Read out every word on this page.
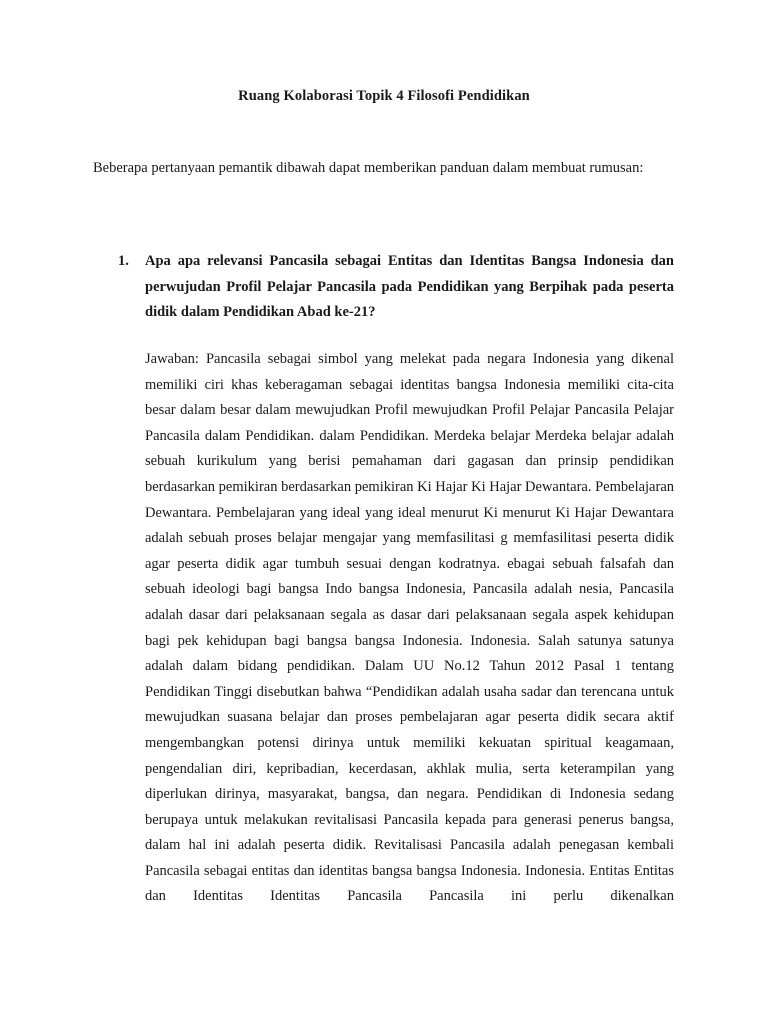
Ruang Kolaborasi Topik 4 Filosofi Pendidikan
Beberapa pertanyaan pemantik dibawah dapat memberikan panduan dalam membuat rumusan:
1. Apa apa relevansi Pancasila sebagai Entitas dan Identitas Bangsa Indonesia dan perwujudan Profil Pelajar Pancasila pada Pendidikan yang Berpihak pada peserta didik dalam Pendidikan Abad ke-21?
Jawaban: Pancasila sebagai simbol yang melekat pada negara Indonesia yang dikenal memiliki ciri khas keberagaman sebagai identitas bangsa Indonesia memiliki cita-cita besar dalam besar dalam mewujudkan Profil mewujudkan Profil Pelajar Pancasila Pelajar Pancasila dalam Pendidikan. dalam Pendidikan. Merdeka belajar Merdeka belajar adalah sebuah kurikulum yang berisi pemahaman dari gagasan dan prinsip pendidikan berdasarkan pemikiran berdasarkan pemikiran Ki Hajar Ki Hajar Dewantara. Pembelajaran Dewantara. Pembelajaran yang ideal yang ideal menurut Ki menurut Ki Hajar Dewantara adalah sebuah proses belajar mengajar yang memfasilitasi g memfasilitasi peserta didik agar peserta didik agar tumbuh sesuai dengan kodratnya. ebagai sebuah falsafah dan sebuah ideologi bagi bangsa Indo bangsa Indonesia, Pancasila adalah nesia, Pancasila adalah dasar dari pelaksanaan segala as dasar dari pelaksanaan segala aspek kehidupan bagi pek kehidupan bagi bangsa bangsa Indonesia. Indonesia. Salah satunya satunya adalah dalam bidang pendidikan. Dalam UU No.12 Tahun 2012 Pasal 1 tentang Pendidikan Tinggi disebutkan bahwa “Pendidikan adalah usaha sadar dan terencana untuk mewujudkan suasana belajar dan proses pembelajaran agar peserta didik secara aktif mengembangkan potensi dirinya untuk memiliki kekuatan spiritual keagamaan, pengendalian diri, kepribadian, kecerdasan, akhlak mulia, serta keterampilan yang diperlukan dirinya, masyarakat, bangsa, dan negara. Pendidikan di Indonesia sedang berupaya untuk melakukan revitalisasi Pancasila kepada para generasi penerus bangsa, dalam hal ini adalah peserta didik. Revitalisasi Pancasila adalah penegasan kembali Pancasila sebagai entitas dan identitas bangsa bangsa Indonesia. Indonesia. Entitas Entitas dan Identitas Identitas Pancasila Pancasila ini perlu dikenalkan
